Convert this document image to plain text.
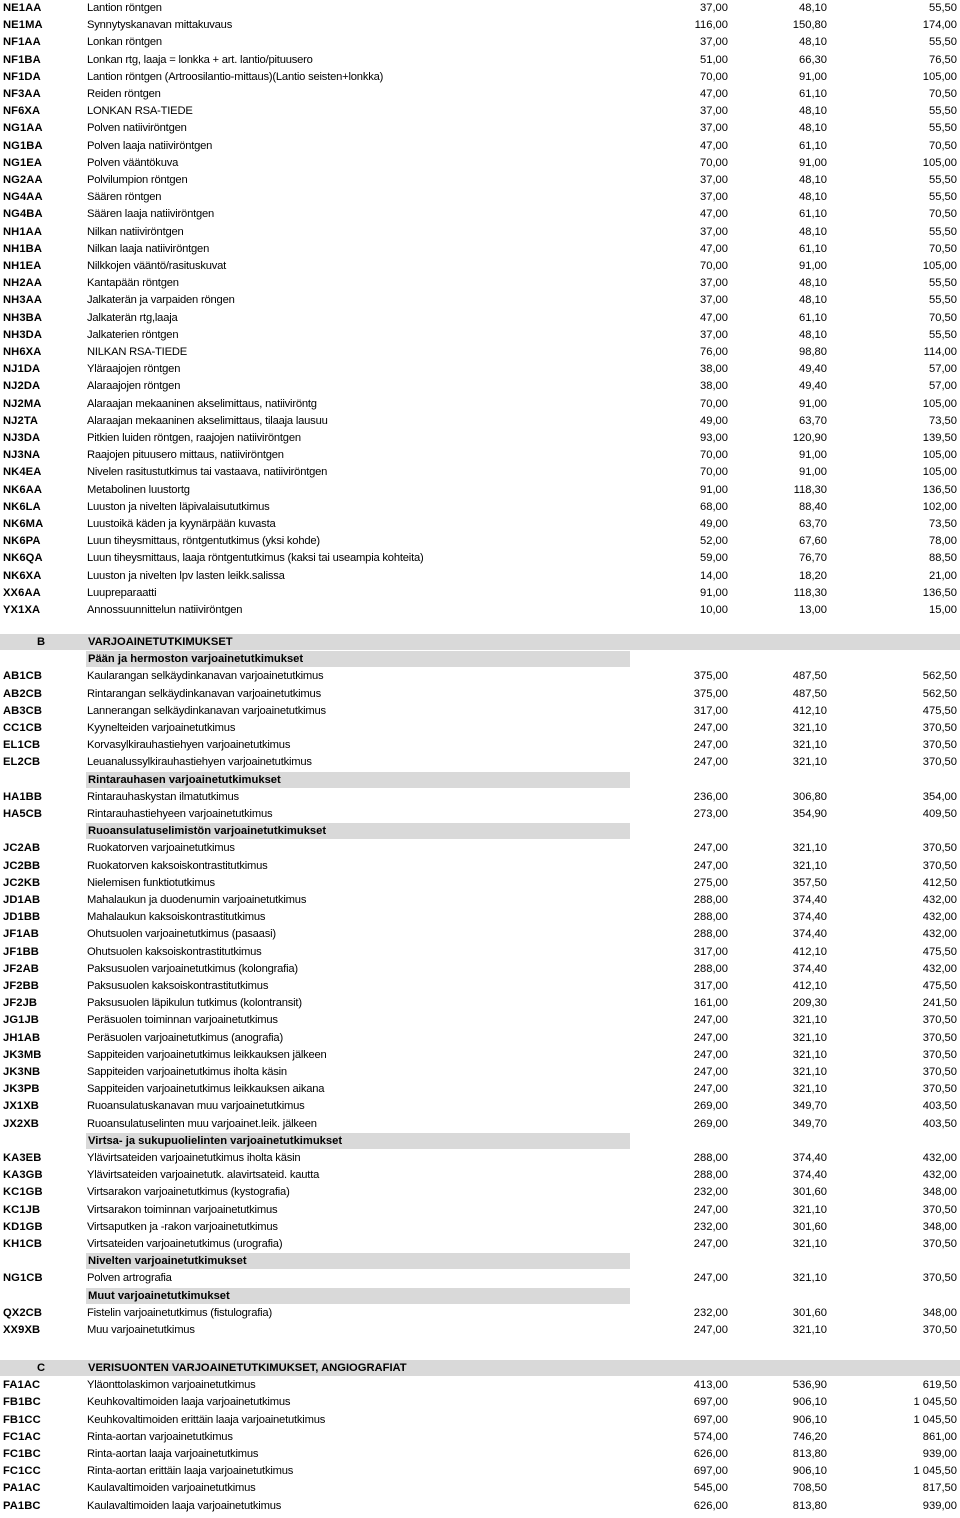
NE1AA	Lantion röntgen	37,00	48,10	55,50
NE1MA	Synnytyskanavan mittakuvaus	116,00	150,80	174,00
NF1AA	Lonkan röntgen	37,00	48,10	55,50
NF1BA	Lonkan rtg, laaja = lonkka + art. lantio/pituusero	51,00	66,30	76,50
NF1DA	Lantion röntgen (Artroosilantio-mittaus)(Lantio seisten+lonkka)	70,00	91,00	105,00
NF3AA	Reiden röntgen	47,00	61,10	70,50
NF6XA	LONKAN RSA-TIEDE	37,00	48,10	55,50
NG1AA	Polven natiiviröntgen	37,00	48,10	55,50
NG1BA	Polven laaja natiiviröntgen	47,00	61,10	70,50
NG1EA	Polven vääntökuva	70,00	91,00	105,00
NG2AA	Polvilumpion röntgen	37,00	48,10	55,50
NG4AA	Säären röntgen	37,00	48,10	55,50
NG4BA	Säären laaja natiiviröntgen	47,00	61,10	70,50
NH1AA	Nilkan natiiviröntgen	37,00	48,10	55,50
NH1BA	Nilkan laaja natiiviröntgen	47,00	61,10	70,50
NH1EA	Nilkkojen vääntö/rasituskuvat	70,00	91,00	105,00
NH2AA	Kantapään röntgen	37,00	48,10	55,50
NH3AA	Jalkaterän ja varpaiden röngen	37,00	48,10	55,50
NH3BA	Jalkaterän rtg,laaja	47,00	61,10	70,50
NH3DA	Jalkaterien röntgen	37,00	48,10	55,50
NH6XA	NILKAN RSA-TIEDE	76,00	98,80	114,00
NJ1DA	Yläraajojen röntgen	38,00	49,40	57,00
NJ2DA	Alaraajojen röntgen	38,00	49,40	57,00
NJ2MA	Alaraajan mekaaninen akselimittaus, natiiviröntg	70,00	91,00	105,00
NJ2TA	Alaraajan mekaaninen akselimittaus, tilaaja lausuu	49,00	63,70	73,50
NJ3DA	Pitkien luiden röntgen, raajojen natiiviröntgen	93,00	120,90	139,50
NJ3NA	Raajojen pituusero mittaus, natiiviröntgen	70,00	91,00	105,00
NK4EA	Nivelen rasitustutkimus tai vastaava, natiiviröntgen	70,00	91,00	105,00
NK6AA	Metabolinen luustortg	91,00	118,30	136,50
NK6LA	Luuston ja nivelten läpivalaisututkimus	68,00	88,40	102,00
NK6MA	Luustoikä käden ja kyynärpään kuvasta	49,00	63,70	73,50
NK6PA	Luun tiheysmittaus, röntgentutkimus (yksi kohde)	52,00	67,60	78,00
NK6QA	Luun tiheysmittaus, laaja röntgentutkimus (kaksi tai useampia kohteita)	59,00	76,70	88,50
NK6XA	Luuston ja nivelten lpv lasten leikk.salissa	14,00	18,20	21,00
XX6AA	Luupreparaatti	91,00	118,30	136,50
YX1XA	Annossuunnittelun natiiviröntgen	10,00	13,00	15,00
B	VARJOAINETUTKIMUKSET
Pään ja hermoston varjoainetutkimukset
AB1CB	Kaularangan selkäydinkanavan varjoainetutkimus	375,00	487,50	562,50
AB2CB	Rintarangan selkäydinkanavan varjoainetutkimus	375,00	487,50	562,50
AB3CB	Lannerangan selkäydinkanavan varjoainetutkimus	317,00	412,10	475,50
CC1CB	Kyynelteiden varjoainetutkimus	247,00	321,10	370,50
EL1CB	Korvasylkirauhastiehyen varjoainetutkimus	247,00	321,10	370,50
EL2CB	Leuanalussylkirauhastiehyen varjoainetutkimus	247,00	321,10	370,50
Rintarauhasen varjoainetutkimukset
HA1BB	Rintarauhaskystan ilmatutkimus	236,00	306,80	354,00
HA5CB	Rintarauhastiehyeen varjoainetutkimus	273,00	354,90	409,50
Ruoansulatuselimistön varjoainetutkimukset
JC2AB	Ruokatorven varjoainetutkimus	247,00	321,10	370,50
JC2BB	Ruokatorven kaksoiskontrastitutkimus	247,00	321,10	370,50
JC2KB	Nielemisen funktiotutkimus	275,00	357,50	412,50
JD1AB	Mahalaukun ja duodenumin varjoainetutkimus	288,00	374,40	432,00
JD1BB	Mahalaukun kaksoiskontrastitutkimus	288,00	374,40	432,00
JF1AB	Ohutsuolen varjoainetutkimus (pasaasi)	288,00	374,40	432,00
JF1BB	Ohutsuolen kaksoiskontrastitutkimus	317,00	412,10	475,50
JF2AB	Paksusuolen varjoainetutkimus (kolongrafia)	288,00	374,40	432,00
JF2BB	Paksusuolen kaksoiskontrastitutkimus	317,00	412,10	475,50
JF2JB	Paksusuolen läpikulun tutkimus (kolontransit)	161,00	209,30	241,50
JG1JB	Peräsuolen toiminnan varjoainetutkimus	247,00	321,10	370,50
JH1AB	Peräsuolen varjoainetutkimus (anografia)	247,00	321,10	370,50
JK3MB	Sappiteiden varjoainetutkimus leikkauksen jälkeen	247,00	321,10	370,50
JK3NB	Sappiteiden varjoainetutkimus iholta käsin	247,00	321,10	370,50
JK3PB	Sappiteiden varjoainetutkimus leikkauksen aikana	247,00	321,10	370,50
JX1XB	Ruoansulatuskanavan muu varjoainetutkimus	269,00	349,70	403,50
JX2XB	Ruoansulatuselinten muu varjoainet.leik. jälkeen	269,00	349,70	403,50
Virtsa- ja sukupuolielinten varjoainetutkimukset
KA3EB	Ylävirtsateiden varjoainetutkimus iholta käsin	288,00	374,40	432,00
KA3GB	Ylävirtsateiden varjoainetutk. alavirtsateid. kautta	288,00	374,40	432,00
KC1GB	Virtsarakon varjoainetutkimus (kystografia)	232,00	301,60	348,00
KC1JB	Virtsarakon toiminnan varjoainetutkimus	247,00	321,10	370,50
KD1GB	Virtsaputken ja -rakon varjoainetutkimus	232,00	301,60	348,00
KH1CB	Virtsateiden varjoainetutkimus (urografia)	247,00	321,10	370,50
Nivelten varjoainetutkimukset
NG1CB	Polven artrografia	247,00	321,10	370,50
Muut varjoainetutkimukset
QX2CB	Fistelin varjoainetutkimus (fistulografia)	232,00	301,60	348,00
XX9XB	Muu varjoainetutkimus	247,00	321,10	370,50
C	VERISUONTEN VARJOAINETUTKIMUKSET, ANGIOGRAFIAT
FA1AC	Yläonttolaskimon varjoainetutkimus	413,00	536,90	619,50
FB1BC	Keuhkovaltimoiden laaja varjoainetutkimus	697,00	906,10	1 045,50
FB1CC	Keuhkovaltimoiden erittäin laaja varjoainetutkimus	697,00	906,10	1 045,50
FC1AC	Rinta-aortan varjoainetutkimus	574,00	746,20	861,00
FC1BC	Rinta-aortan laaja varjoainetutkimus	626,00	813,80	939,00
FC1CC	Rinta-aortan erittäin laaja varjoainetutkimus	697,00	906,10	1 045,50
PA1AC	Kaulavaltimoiden varjoainetutkimus	545,00	708,50	817,50
PA1BC	Kaulavaltimoiden laaja varjoainetutkimus	626,00	813,80	939,00
